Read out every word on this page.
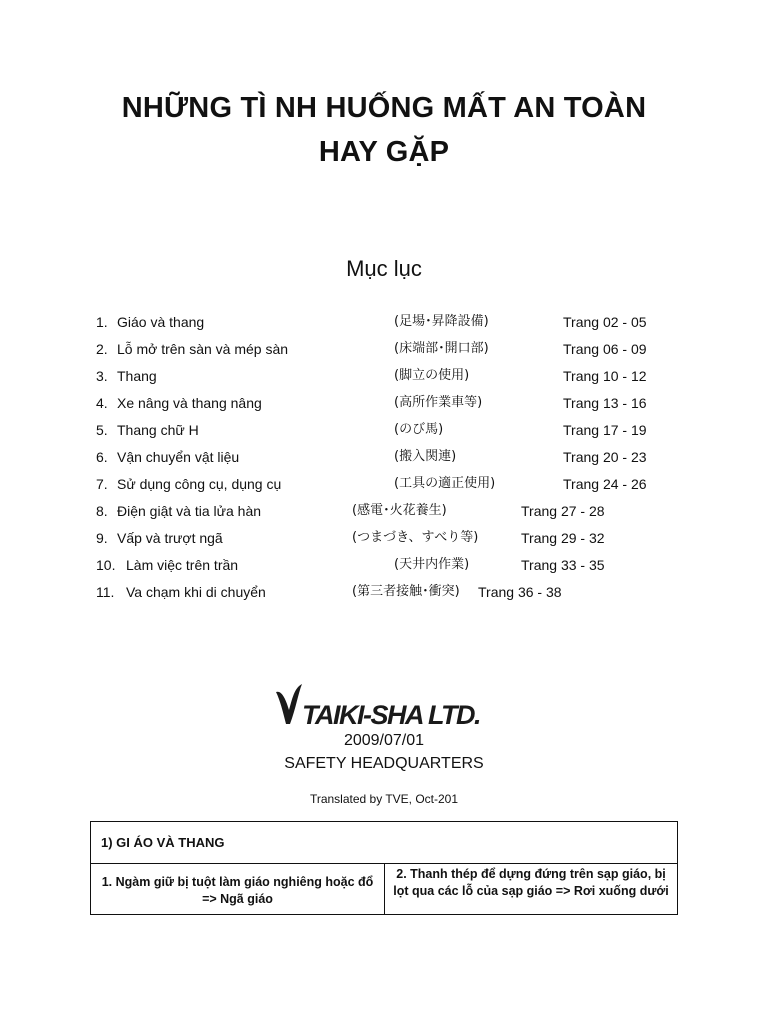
NHỮNG TÌ NH HUỐNG MẤT AN TOÀN
HAY GẶP
Mục lục
1. Giáo và thang	(足場･昇降設備)	Trang 02 - 05
2. Lỗ mở trên sàn và mép sàn	(床端部･開口部)	Trang 06 - 09
3. Thang	(脚立の使用)	Trang 10 - 12
4. Xe nâng và thang nâng	(高所作業車等)	Trang 13 - 16
5. Thang chữ H	(のび馬)	Trang 17 - 19
6. Vận chuyển vật liệu	(搬入関連)	Trang 20 - 23
7. Sử dụng công cụ, dụng cụ	(工具の適正使用)	Trang 24 - 26
8. Điện giật và tia lửa hàn	(感電･火花養生)	Trang 27 - 28
9. Vấp và trượt ngã	(つまづき、すべり等)	Trang 29 - 32
10. Làm việc trên trần	(天井内作業)	Trang 33 - 35
11. Va chạm khi di chuyển	(第三者接触･衝突) Trang 36 - 38
TAIKI-SHA LTD.
2009/07/01
SAFETY HEADQUARTERS
Translated by TVE, Oct-201
1) GI ÁO VÀ THANG
1. Ngàm giữ bị tuột làm giáo nghiêng hoặc đổ => Ngã giáo
2. Thanh thép để dựng đứng trên sạp giáo, bị lọt qua các lỗ của sạp giáo => Rơi xuống dưới
